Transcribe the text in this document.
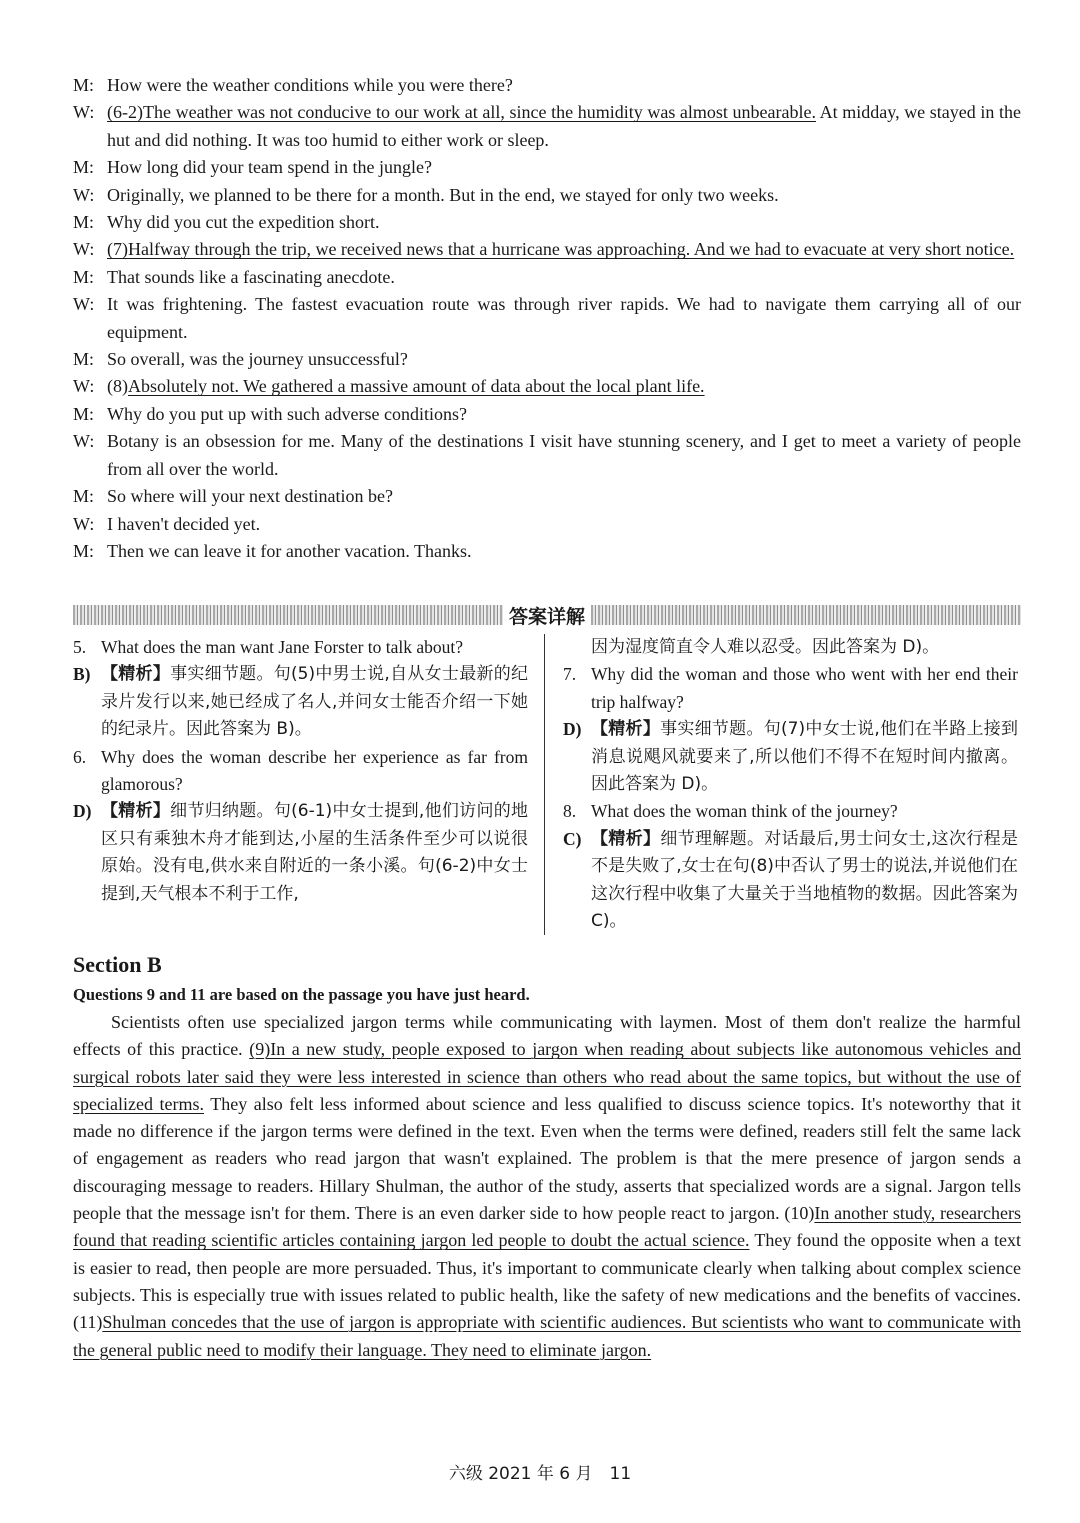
M: How were the weather conditions while you were there?
W: (6-2)The weather was not conducive to our work at all, since the humidity was almost unbearable. At midday, we stayed in the hut and did nothing. It was too humid to either work or sleep.
M: How long did your team spend in the jungle?
W: Originally, we planned to be there for a month. But in the end, we stayed for only two weeks.
M: Why did you cut the expedition short.
W: (7)Halfway through the trip, we received news that a hurricane was approaching. And we had to evacuate at very short notice.
M: That sounds like a fascinating anecdote.
W: It was frightening. The fastest evacuation route was through river rapids. We had to navigate them carrying all of our equipment.
M: So overall, was the journey unsuccessful?
W: (8)Absolutely not. We gathered a massive amount of data about the local plant life.
M: Why do you put up with such adverse conditions?
W: Botany is an obsession for me. Many of the destinations I visit have stunning scenery, and I get to meet a variety of people from all over the world.
M: So where will your next destination be?
W: I haven't decided yet.
M: Then we can leave it for another vacation. Thanks.
答案详解
5. What does the man want Jane Forster to talk about?
B) 【精析】事实细节题。句(5)中男士说,自从女士最新的纪录片发行以来,她已经成了名人,并问女士能否介绍一下她的纪录片。因此答案为 B)。
6. Why does the woman describe her experience as far from glamorous?
D) 【精析】细节归纳题。句(6-1)中女士提到,他们访问的地区只有乘独木舟才能到达,小屋的生活条件至少可以说很原始。没有电,供水来自附近的一条小溪。句(6-2)中女士提到,天气根本不利于工作,
因为湿度简直令人难以忍受。因此答案为 D)。
7. Why did the woman and those who went with her end their trip halfway?
D) 【精析】事实细节题。句(7)中女士说,他们在半路上接到消息说飓风就要来了,所以他们不得不在短时间内撤离。因此答案为 D)。
8. What does the woman think of the journey?
C) 【精析】细节理解题。对话最后,男士问女士,这次行程是不是失败了,女士在句(8)中否认了男士的说法,并说他们在这次行程中收集了大量关于当地植物的数据。因此答案为 C)。
Section B
Questions 9 and 11 are based on the passage you have just heard.
Scientists often use specialized jargon terms while communicating with laymen. Most of them don't realize the harmful effects of this practice. (9)In a new study, people exposed to jargon when reading about subjects like autonomous vehicles and surgical robots later said they were less interested in science than others who read about the same topics, but without the use of specialized terms. They also felt less informed about science and less qualified to discuss science topics. It's noteworthy that it made no difference if the jargon terms were defined in the text. Even when the terms were defined, readers still felt the same lack of engagement as readers who read jargon that wasn't explained. The problem is that the mere presence of jargon sends a discouraging message to readers. Hillary Shulman, the author of the study, asserts that specialized words are a signal. Jargon tells people that the message isn't for them. There is an even darker side to how people react to jargon. (10)In another study, researchers found that reading scientific articles containing jargon led people to doubt the actual science. They found the opposite when a text is easier to read, then people are more persuaded. Thus, it's important to communicate clearly when talking about complex science subjects. This is especially true with issues related to public health, like the safety of new medications and the benefits of vaccines. (11)Shulman concedes that the use of jargon is appropriate with scientific audiences. But scientists who want to communicate with the general public need to modify their language. They need to eliminate jargon.
六级 2021 年 6 月　11
